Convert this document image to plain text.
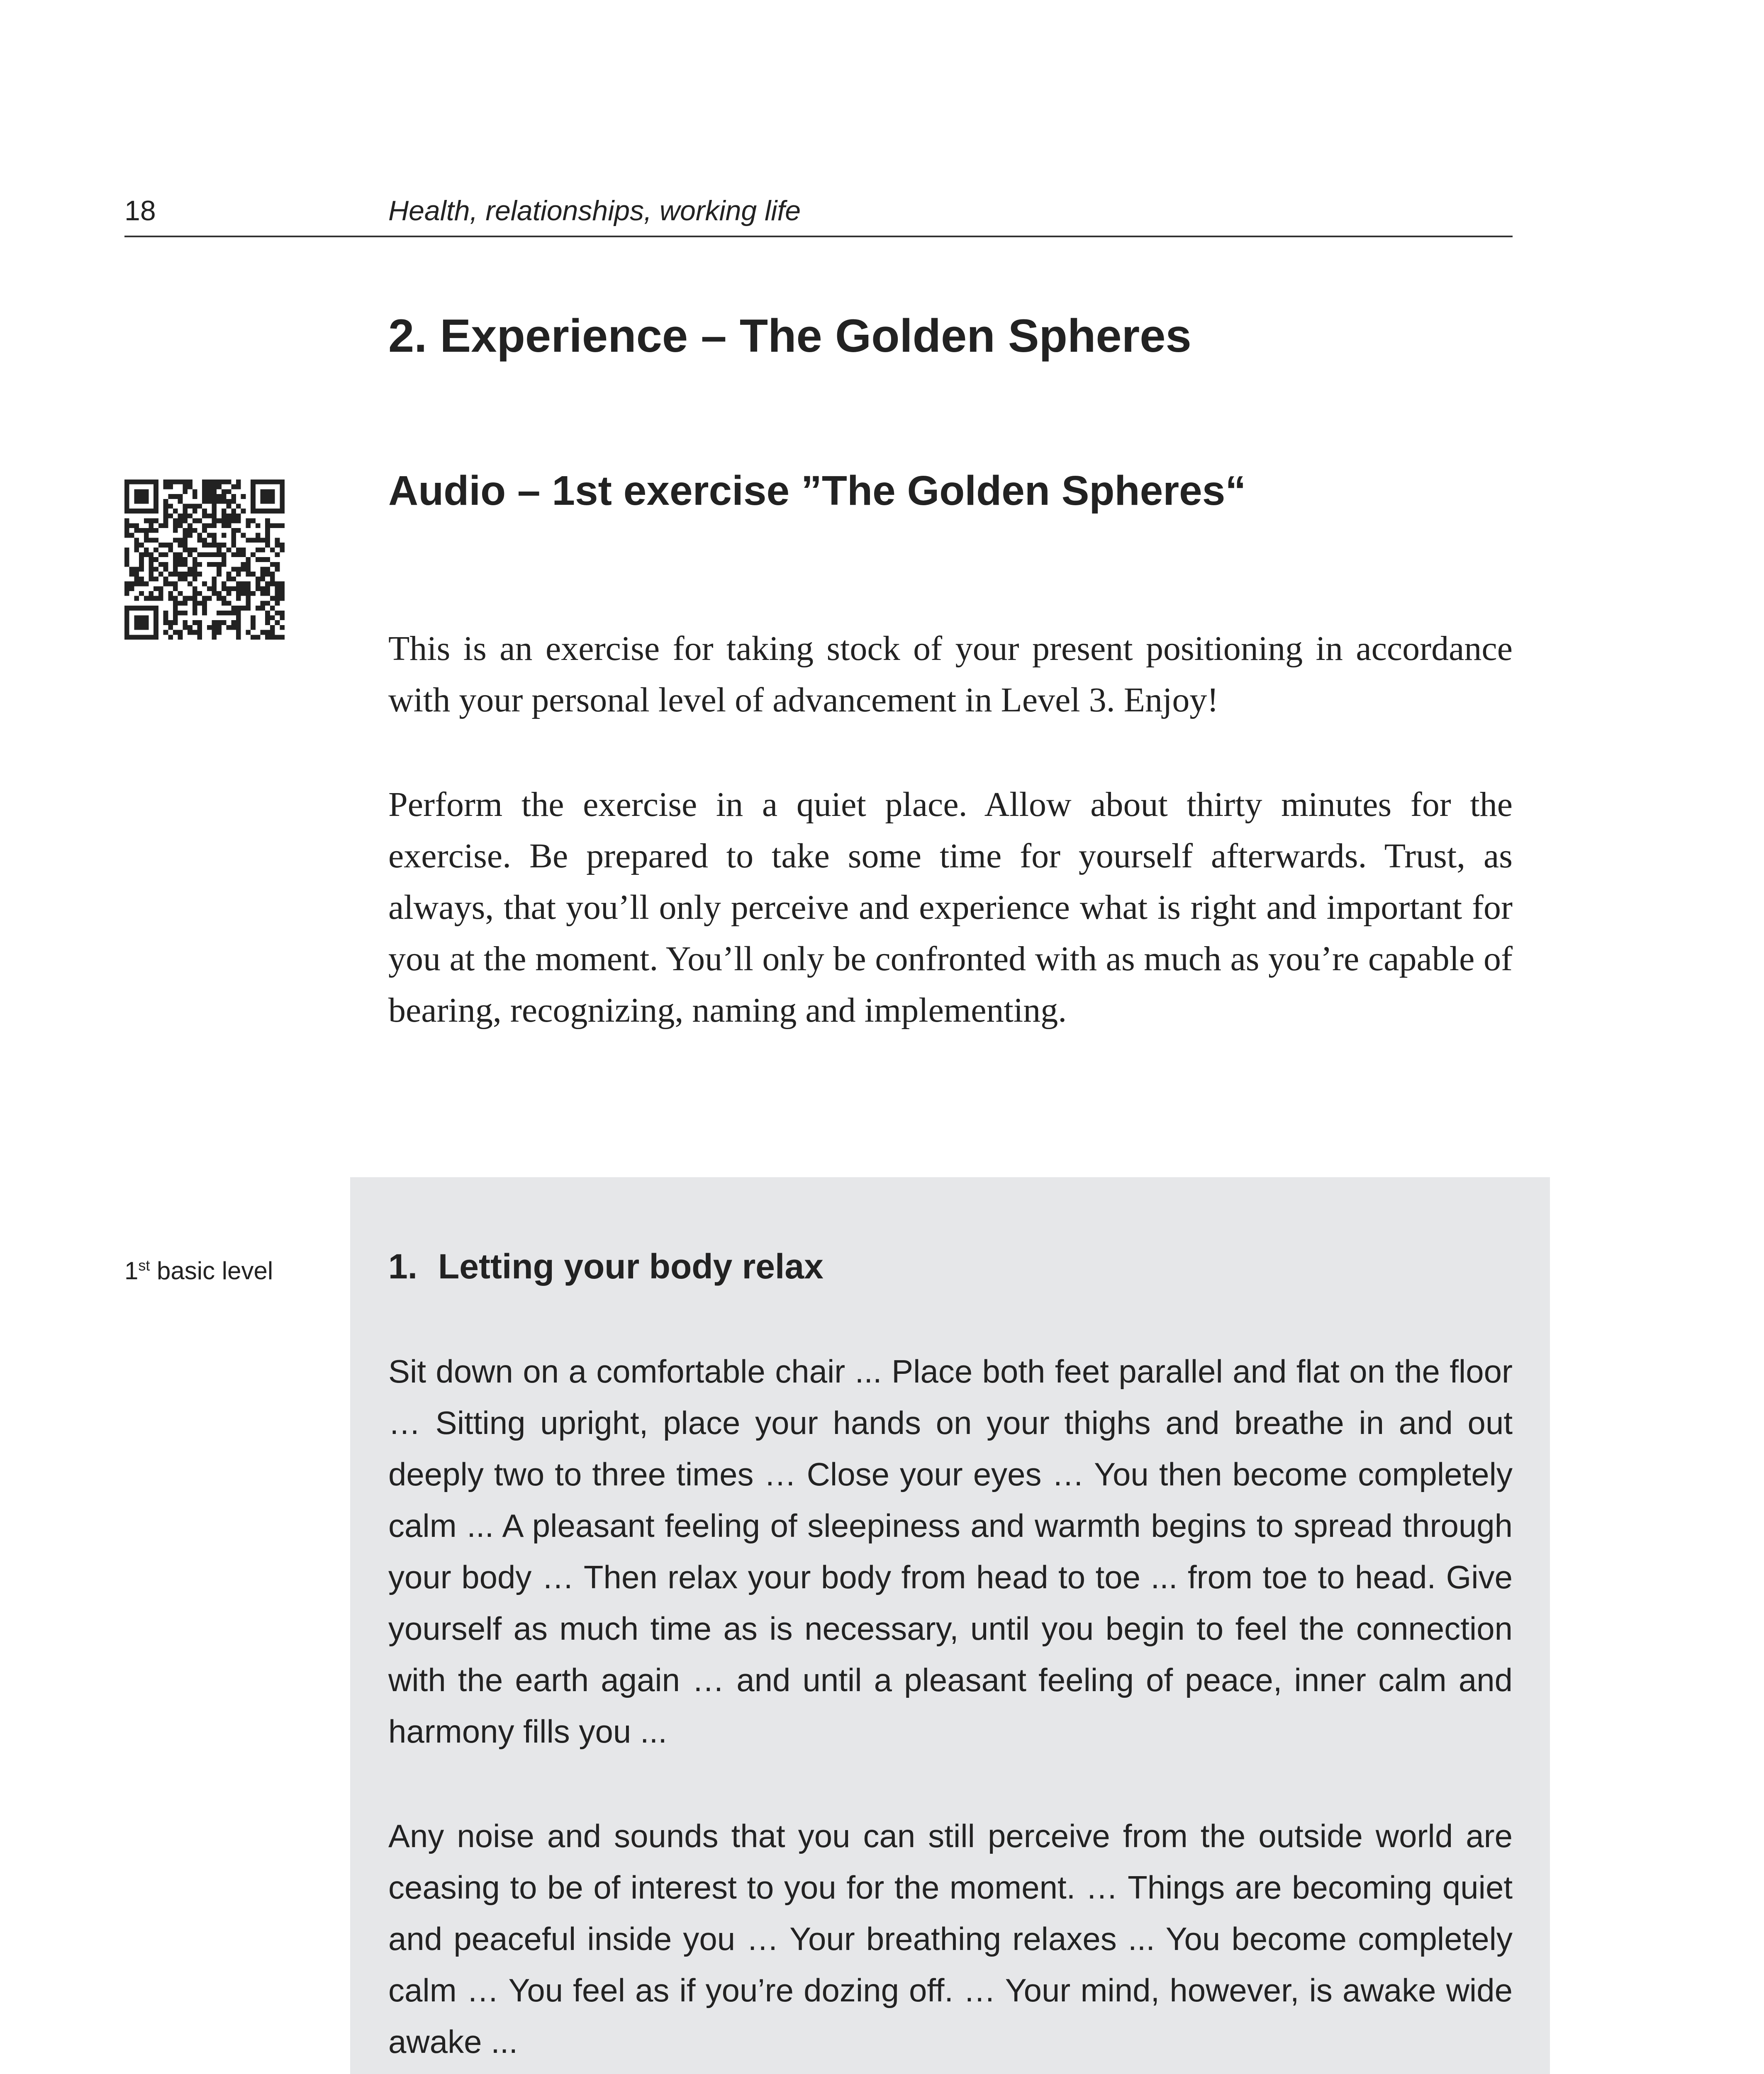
18	Health, relationships, working life
2. Experience – The Golden Spheres
Audio – 1st exercise ”The Golden Spheres“

This is an exercise for taking stock of your present positioning in accordance with your personal level of advancement in Level 3. Enjoy!

Perform the exercise in a quiet place. Allow about thirty minutes for the exercise. Be prepared to take some time for yourself afterwards. Trust, as always, that you’ll only perceive and experience what is right and important for you at the moment. You’ll only be confronted with as much as you’re capable of bearing, recognizing, naming and implementing.

1st basic level	1. Letting your body relax

Sit down on a comfortable chair ... Place both feet parallel and flat on the floor … Sitting upright, place your hands on your thighs and breathe in and out deeply two to three times … Close your eyes … You then become completely calm ... A pleasant feeling of sleepiness and warmth begins to spread through your body … Then relax your body from head to toe ... from toe to head. Give yourself as much time as is necessary, until you begin to feel the connection with the earth again … and until a pleasant feeling of peace, inner calm and harmony fills you ...

Any noise and sounds that you can still perceive from the outside world are ceasing to be of interest to you for the moment. … Things are becoming quiet and peaceful inside you … Your breathing relaxes ... You become completely calm … You feel as if you’re dozing off. … Your mind, however, is awake wide awake ...
